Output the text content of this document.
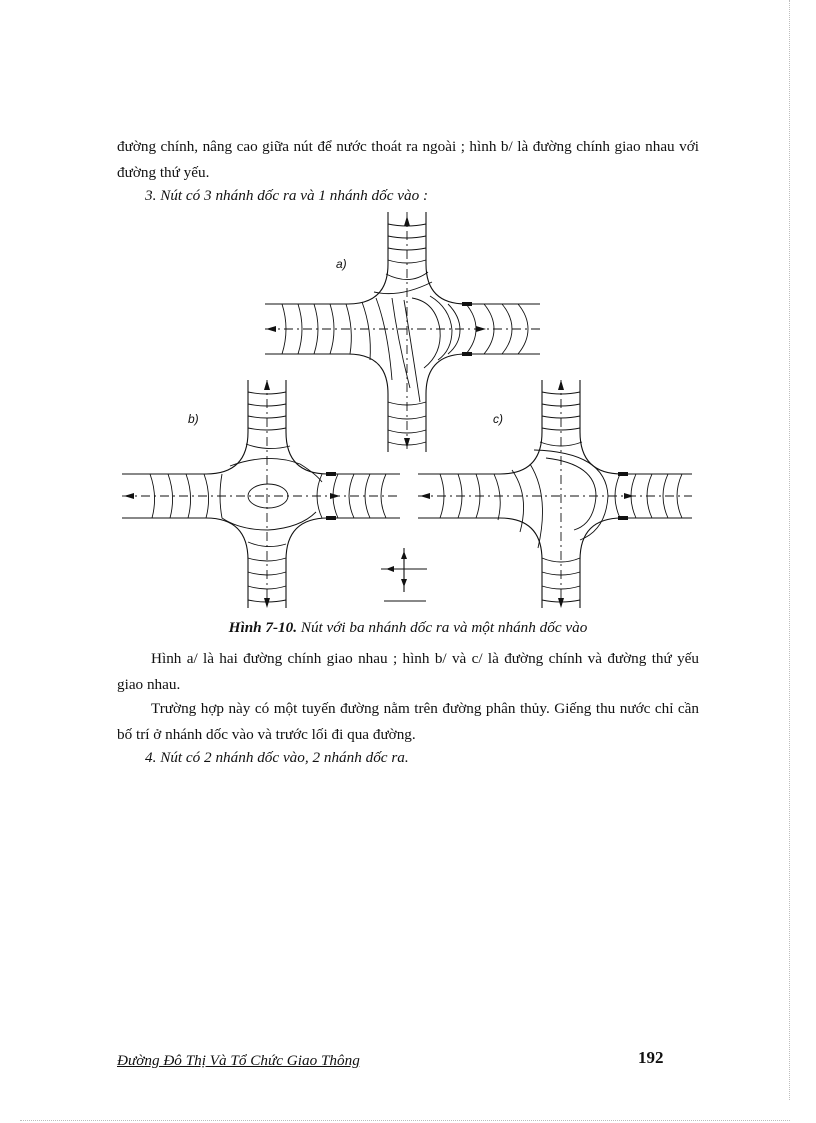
đường chính, nâng cao giữa nút để nước thoát ra ngoài ; hình b/ là đường chính giao nhau với đường thứ yếu.

3. Nút có 3 nhánh dốc ra và 1 nhánh dốc vào :
a)
b)	c)
Hình 7-10. Nút với ba nhánh dốc ra và một nhánh dốc vào

Hình a/ là hai đường chính giao nhau ; hình b/ và c/ là đường chính và đường thứ yếu giao nhau.

Trường hợp này có một tuyến đường nằm trên đường phân thủy. Giếng thu nước chỉ cần bố trí ở nhánh dốc vào và trước lối đi qua đường.

4. Nút có 2 nhánh dốc vào, 2 nhánh dốc ra.
Đường Đô Thị Và Tổ Chức Giao Thông	192
